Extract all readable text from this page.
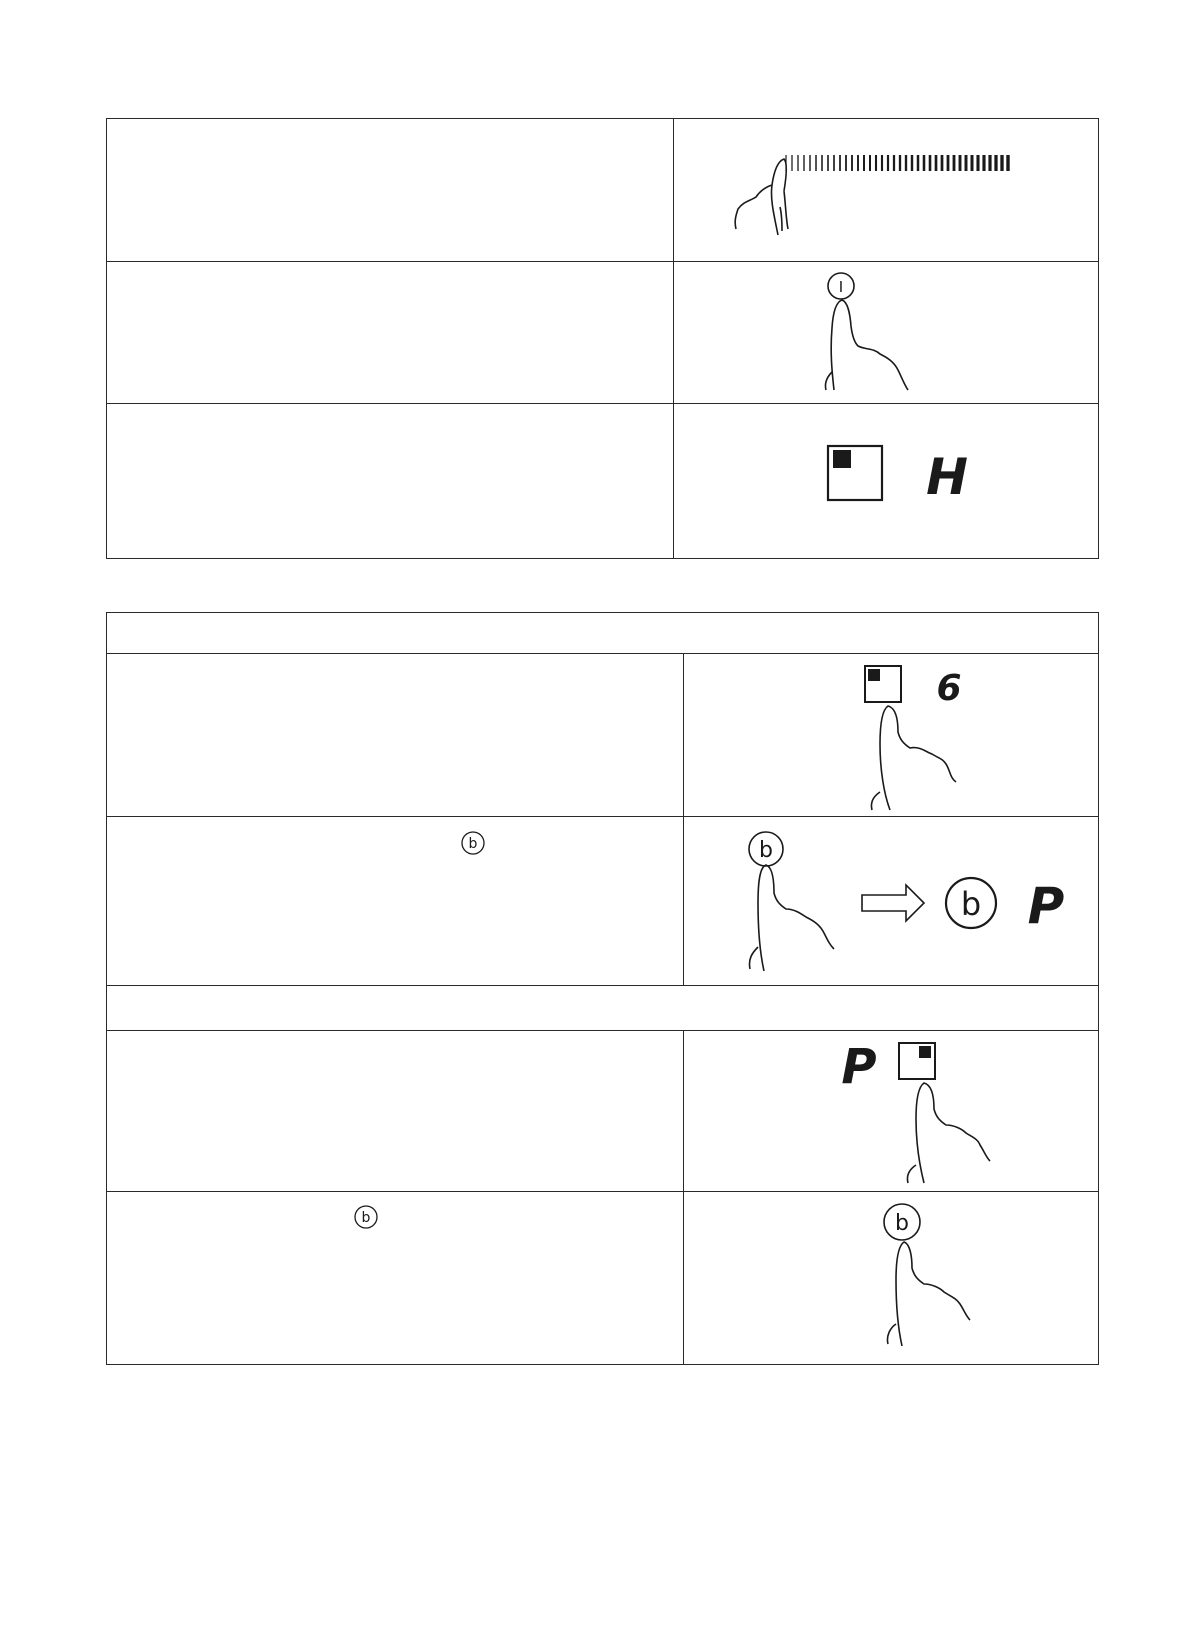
I
H
6
b	b
b P
P
b	b
